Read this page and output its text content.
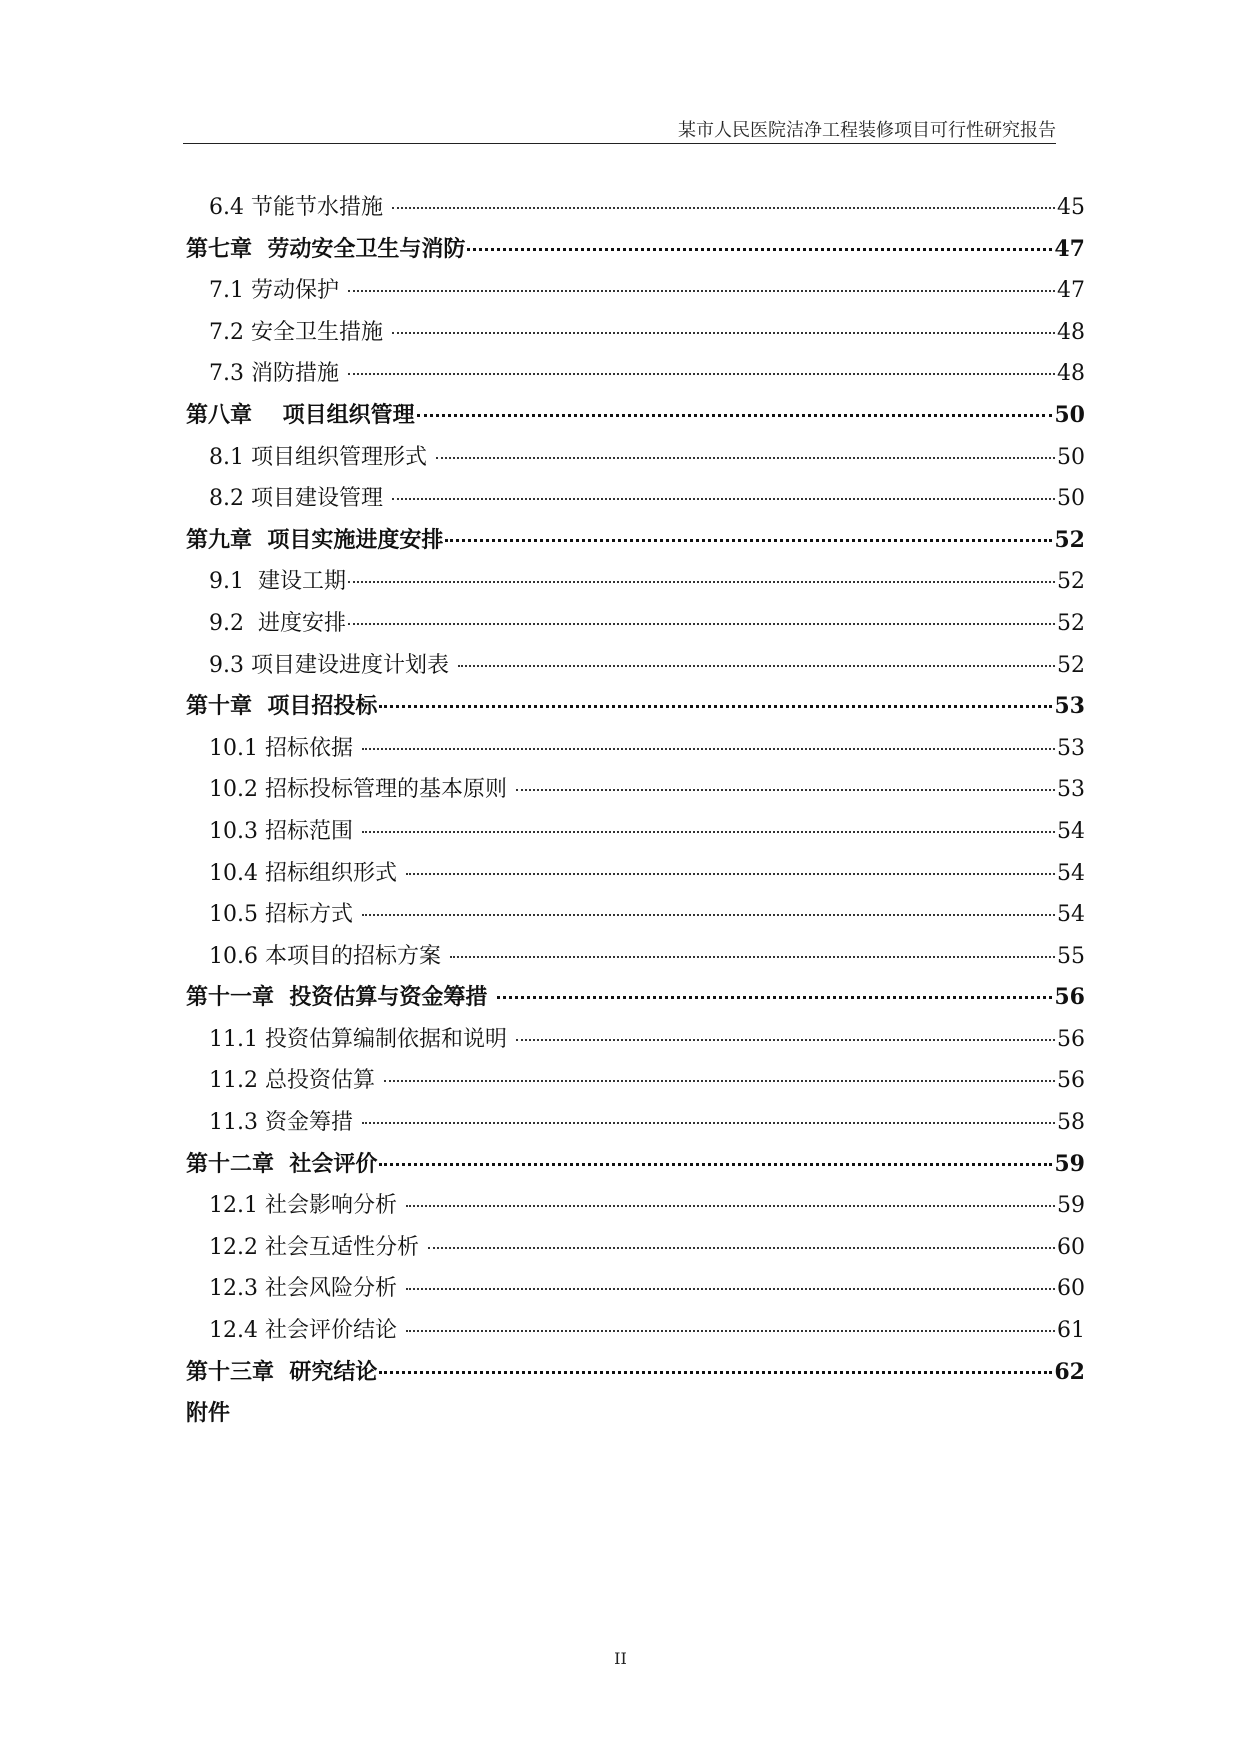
某市人民医院洁净工程装修项目可行性研究报告
6.4 节能节水措施	45
第七章  劳动安全卫生与消防	47
7.1 劳动保护	47
7.2 安全卫生措施	48
7.3 消防措施	48
第八章    项目组织管理	50
8.1 项目组织管理形式	50
8.2 项目建设管理	50
第九章  项目实施进度安排	52
9.1  建设工期	52
9.2  进度安排	52
9.3 项目建设进度计划表	52
第十章  项目招投标	53
10.1 招标依据	53
10.2 招标投标管理的基本原则	53
10.3 招标范围	54
10.4 招标组织形式	54
10.5 招标方式	54
10.6 本项目的招标方案	55
第十一章  投资估算与资金筹措	56
11.1 投资估算编制依据和说明	56
11.2 总投资估算	56
11.3 资金筹措	58
第十二章  社会评价	59
12.1 社会影响分析	59
12.2 社会互适性分析	60
12.3 社会风险分析	60
12.4 社会评价结论	61
第十三章  研究结论	62
附件
II
